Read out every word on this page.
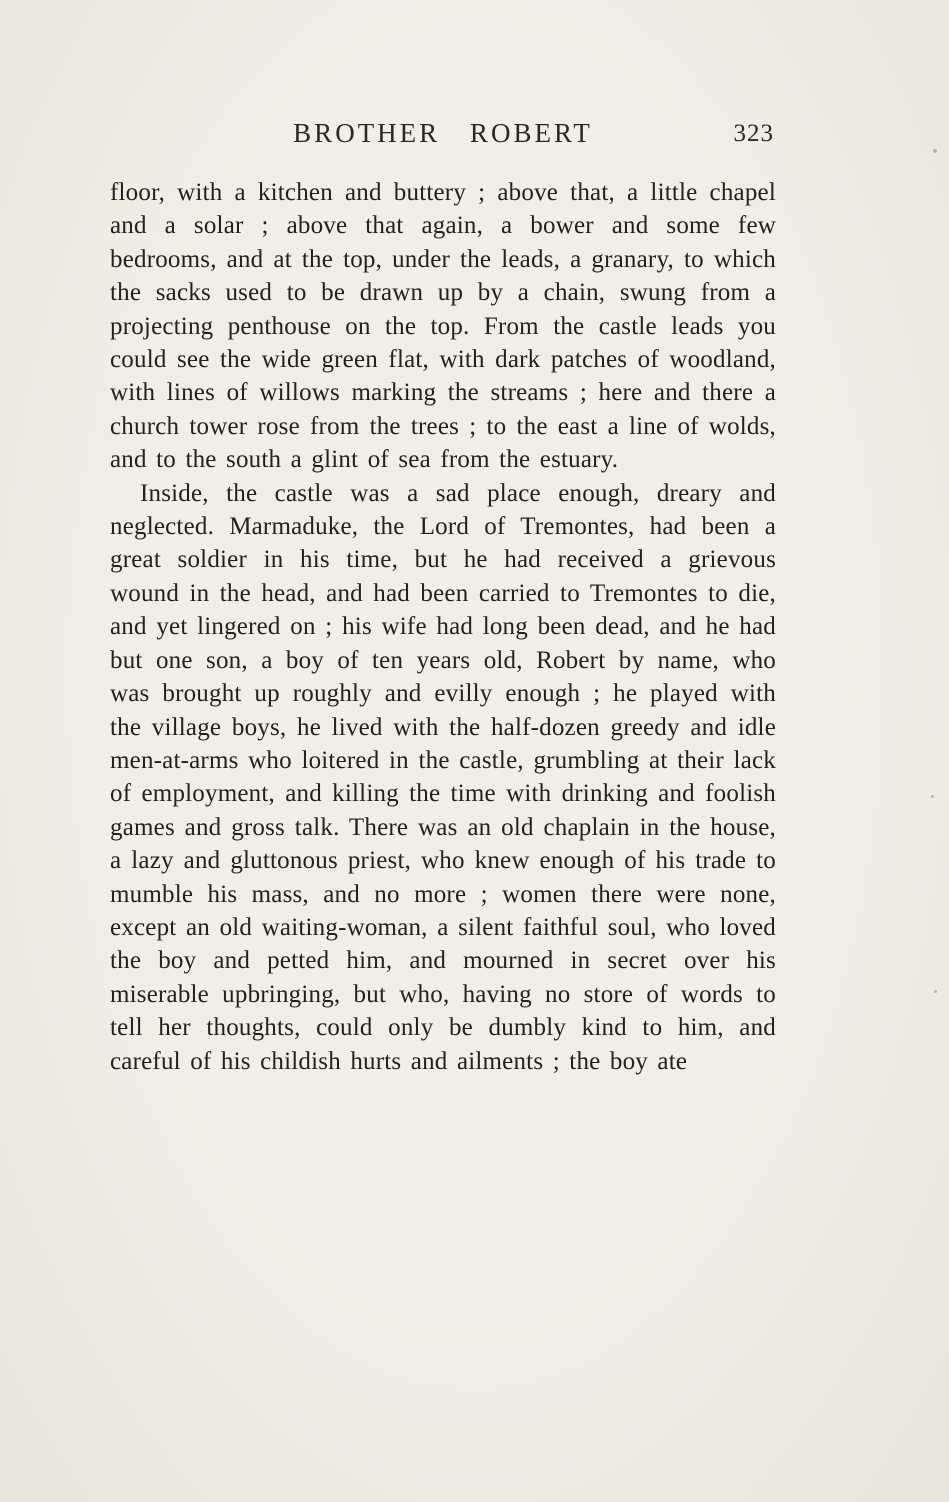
BROTHER ROBERT	323

floor, with a kitchen and buttery ; above that, a little chapel and a solar ; above that again, a bower and some few bedrooms, and at the top, under the leads, a granary, to which the sacks used to be drawn up by a chain, swung from a projecting penthouse on the top. From the castle leads you could see the wide green flat, with dark patches of woodland, with lines of willows marking the streams ; here and there a church tower rose from the trees ; to the east a line of wolds, and to the south a glint of sea from the estuary.

Inside, the castle was a sad place enough, dreary and neglected. Marmaduke, the Lord of Tremontes, had been a great soldier in his time, but he had received a grievous wound in the head, and had been carried to Tremontes to die, and yet lingered on ; his wife had long been dead, and he had but one son, a boy of ten years old, Robert by name, who was brought up roughly and evilly enough ; he played with the village boys, he lived with the half-dozen greedy and idle men-at-arms who loitered in the castle, grumbling at their lack of employment, and killing the time with drinking and foolish games and gross talk. There was an old chaplain in the house, a lazy and gluttonous priest, who knew enough of his trade to mumble his mass, and no more ; women there were none, except an old waiting-woman, a silent faithful soul, who loved the boy and petted him, and mourned in secret over his miserable upbringing, but who, having no store of words to tell her thoughts, could only be dumbly kind to him, and careful of his childish hurts and ailments ; the boy ate
